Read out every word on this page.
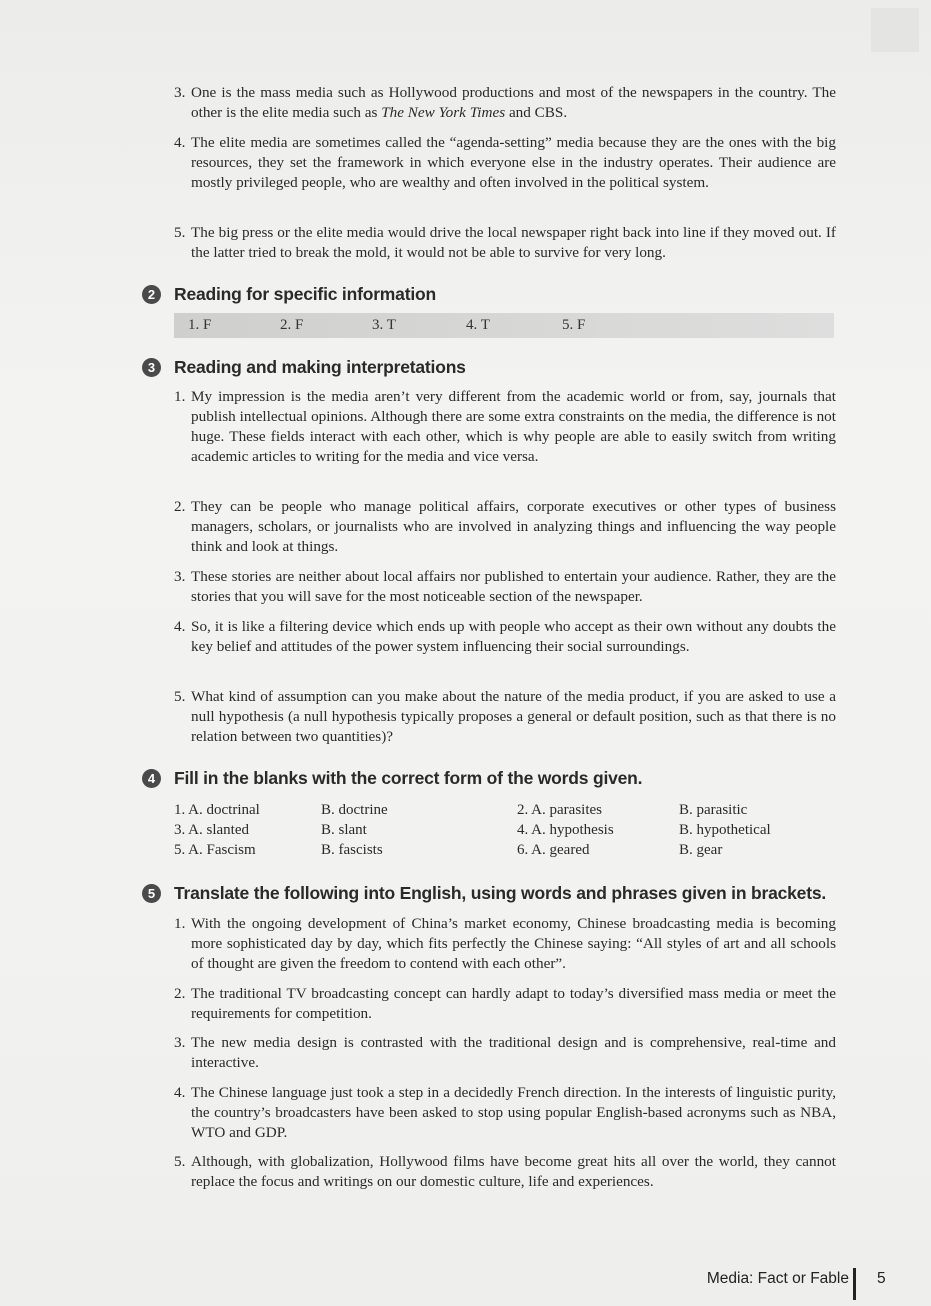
3. One is the mass media such as Hollywood productions and most of the newspapers in the country. The other is the elite media such as The New York Times and CBS.
4. The elite media are sometimes called the “agenda-setting” media because they are the ones with the big resources, they set the framework in which everyone else in the industry operates. Their audience are mostly privileged people, who are wealthy and often involved in the political system.
5. The big press or the elite media would drive the local newspaper right back into line if they moved out. If the latter tried to break the mold, it would not be able to survive for very long.
2	Reading for specific information
1. F	2. F	3. T	4. T	5. F
3	Reading and making interpretations
1. My impression is the media aren’t very different from the academic world or from, say, journals that publish intellectual opinions. Although there are some extra constraints on the media, the difference is not huge. These fields interact with each other, which is why people are able to easily switch from writing academic articles to writing for the media and vice versa.
2. They can be people who manage political affairs, corporate executives or other types of business managers, scholars, or journalists who are involved in analyzing things and influencing the way people think and look at things.
3. These stories are neither about local affairs nor published to entertain your audience. Rather, they are the stories that you will save for the most noticeable section of the newspaper.
4. So, it is like a filtering device which ends up with people who accept as their own without any doubts the key belief and attitudes of the power system influencing their social surroundings.
5. What kind of assumption can you make about the nature of the media product, if you are asked to use a null hypothesis (a null hypothesis typically proposes a general or default position, such as that there is no relation between two quantities)?
4	Fill in the blanks with the correct form of the words given.
1. A. doctrinal	B. doctrine	2. A. parasites	B. parasitic
3. A. slanted	B. slant	4. A. hypothesis	B. hypothetical
5. A. Fascism	B. fascists	6. A. geared	B. gear
5	Translate the following into English, using words and phrases given in brackets.
1. With the ongoing development of China’s market economy, Chinese broadcasting media is becoming more sophisticated day by day, which fits perfectly the Chinese saying: “All styles of art and all schools of thought are given the freedom to contend with each other”.
2. The traditional TV broadcasting concept can hardly adapt to today’s diversified mass media or meet the requirements for competition.
3. The new media design is contrasted with the traditional design and is comprehensive, real-time and interactive.
4. The Chinese language just took a step in a decidedly French direction. In the interests of linguistic purity, the country’s broadcasters have been asked to stop using popular English-based acronyms such as NBA, WTO and GDP.
5. Although, with globalization, Hollywood films have become great hits all over the world, they cannot replace the focus and writings on our domestic culture, life and experiences.
Media: Fact or Fable 5
